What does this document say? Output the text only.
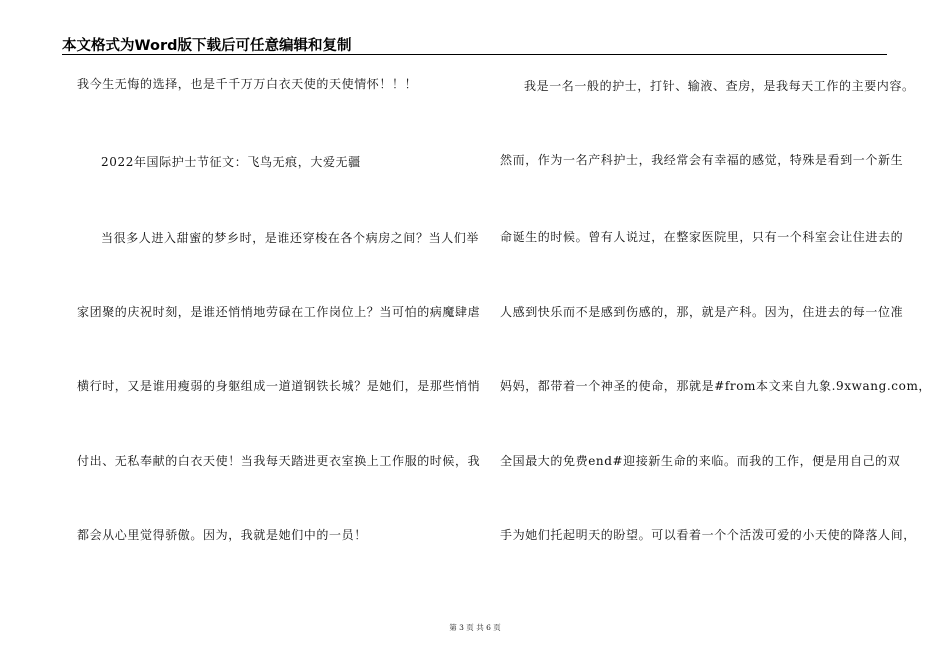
本文格式为Word版下载后可任意编辑和复制
我今生无悔的选择，也是千千万万白衣天使的天使情怀！！！
2022年国际护士节征文：飞鸟无痕，大爱无疆
当很多人进入甜蜜的梦乡时，是谁还穿梭在各个病房之间？当人们举
家团聚的庆祝时刻，是谁还悄悄地劳碌在工作岗位上？当可怕的病魔肆虐
横行时，又是谁用瘦弱的身躯组成一道道钢铁长城？是她们，是那些悄悄
付出、无私奉献的白衣天使！当我每天踏进更衣室换上工作服的时候，我
都会从心里觉得骄傲。因为，我就是她们中的一员！
我是一名一般的护士，打针、输液、查房，是我每天工作的主要内容。
然而，作为一名产科护士，我经常会有幸福的感觉，特殊是看到一个新生
命诞生的时候。曾有人说过，在整家医院里，只有一个科室会让住进去的
人感到快乐而不是感到伤感的，那，就是产科。因为，住进去的每一位准
妈妈，都带着一个神圣的使命，那就是#from本文来自九象.9xwang.com，
全国最大的免费end#迎接新生命的来临。而我的工作，便是用自己的双
手为她们托起明天的盼望。可以看着一个个活泼可爱的小天使的降落人间，
第 3 页 共 6 页
